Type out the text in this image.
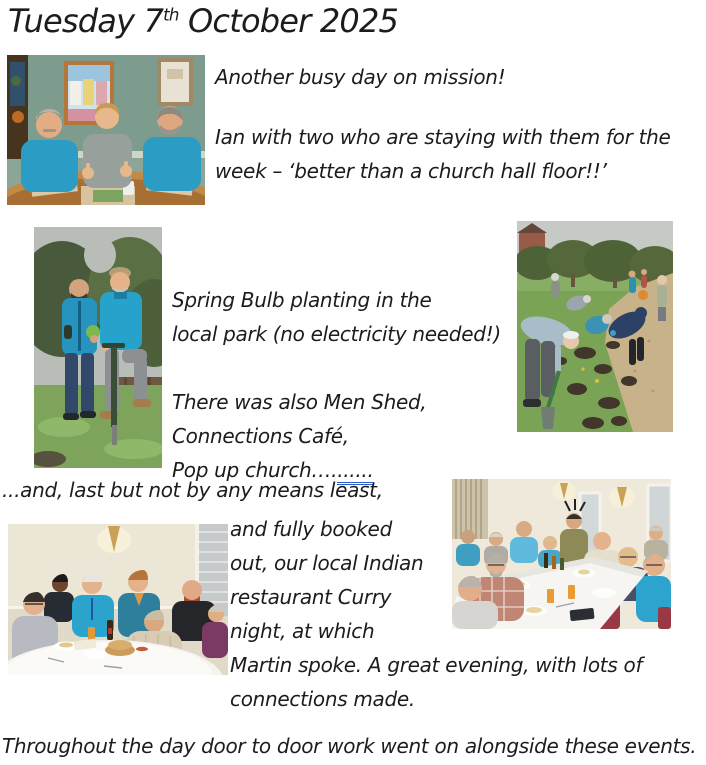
Tuesday 7th October 2025
Another busy day on mission!

Ian with two who are staying with them for the
week – ‘better than a church hall floor!!’
Spring Bulb planting in the
local park (no electricity needed!)

There was also Men Shed,
Connections Café,
Pop up church….......
...and, last but not by any means least,
and fully booked
out, our local Indian
restaurant Curry
night, at which
Martin spoke. A great evening, with lots of
connections made.
Throughout the day door to door work went on alongside these events.
